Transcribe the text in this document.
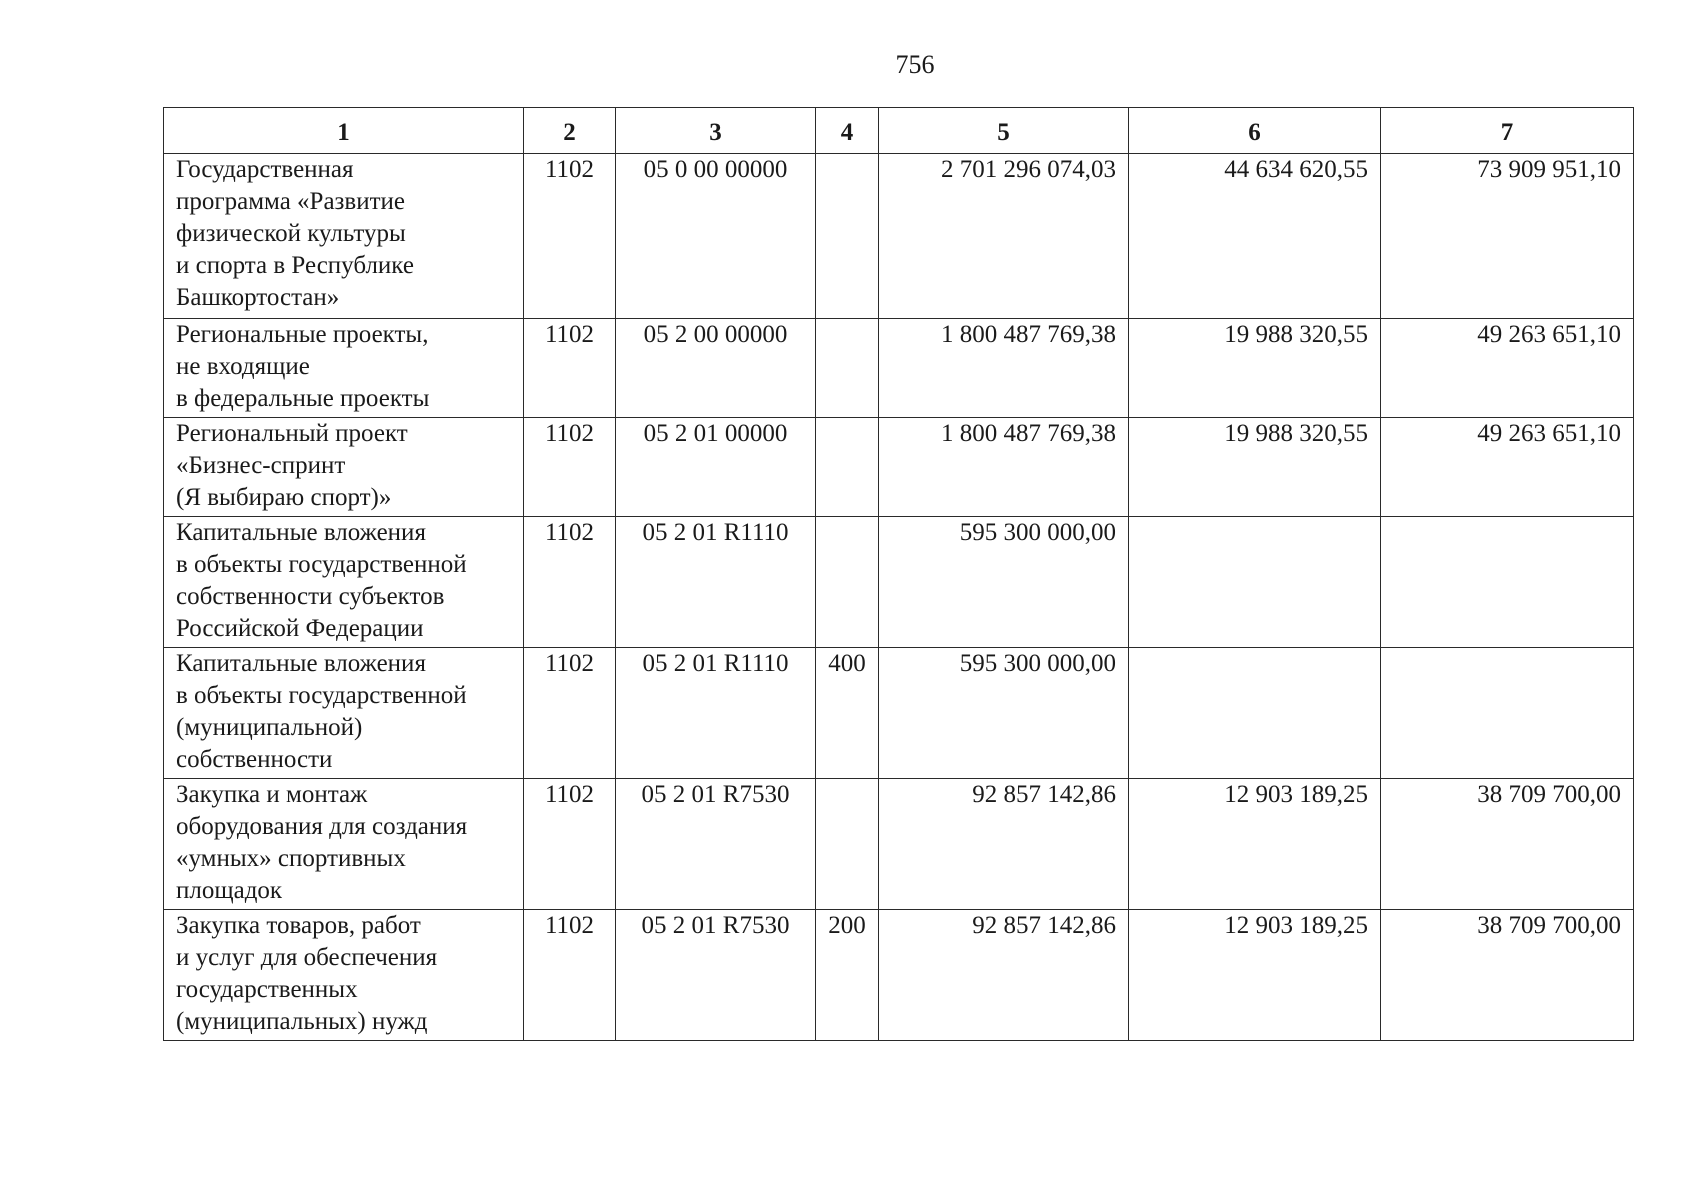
756
1	2	3	4	5	6	7
Государственная
программа «Развитие
физической культуры
и спорта в Республике
Башкортостан»	1102	05 0 00 00000		2 701 296 074,03	44 634 620,55	73 909 951,10
Региональные проекты,
не входящие
в федеральные проекты	1102	05 2 00 00000		1 800 487 769,38	19 988 320,55	49 263 651,10
Региональный проект
«Бизнес-спринт
(Я выбираю спорт)»	1102	05 2 01 00000		1 800 487 769,38	19 988 320,55	49 263 651,10
Капитальные вложения
в объекты государственной
собственности субъектов
Российской Федерации	1102	05 2 01 R1110		595 300 000,00		
Капитальные вложения
в объекты государственной
(муниципальной)
собственности	1102	05 2 01 R1110	400	595 300 000,00		
Закупка и монтаж
оборудования для создания
«умных» спортивных
площадок	1102	05 2 01 R7530		92 857 142,86	12 903 189,25	38 709 700,00
Закупка товаров, работ
и услуг для обеспечения
государственных
(муниципальных) нужд	1102	05 2 01 R7530	200	92 857 142,86	12 903 189,25	38 709 700,00
